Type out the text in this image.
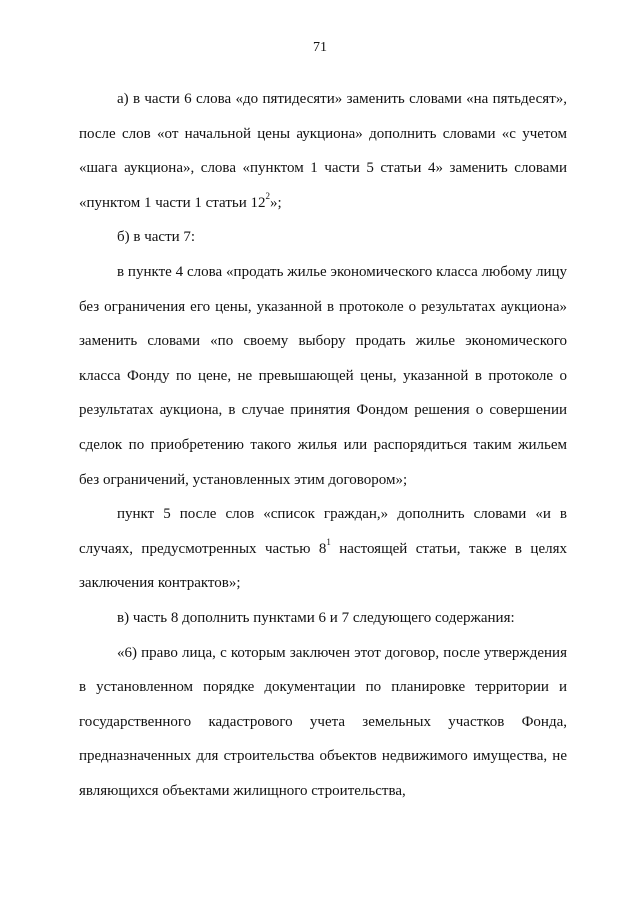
71

а) в части 6 слова «до пятидесяти» заменить словами «на пятьдесят», после слов «от начальной цены аукциона» дополнить словами «с учетом «шага аукциона», слова «пунктом 1 части 5 статьи 4» заменить словами «пунктом 1 части 1 статьи $12^2$»;

б) в части 7:

в пункте 4 слова «продать жилье экономического класса любому лицу без ограничения его цены, указанной в протоколе о результатах аукциона» заменить словами «по своему выбору продать жилье экономического класса Фонду по цене, не превышающей цены, указанной в протоколе о результатах аукциона, в случае принятия Фондом решения о совершении сделок по приобретению такого жилья или распорядиться таким жильем без ограничений, установленных этим договором»;

пункт 5 после слов «список граждан,» дополнить словами «и в случаях, предусмотренных частью $8^1$ настоящей статьи, также в целях заключения контрактов»;

в) часть 8 дополнить пунктами 6 и 7 следующего содержания:

«6) право лица, с которым заключен этот договор, после утверждения в установленном порядке документации по планировке территории и государственного кадастрового учета земельных участков Фонда, предназначенных для строительства объектов недвижимого имущества, не являющихся объектами жилищного строительства,
